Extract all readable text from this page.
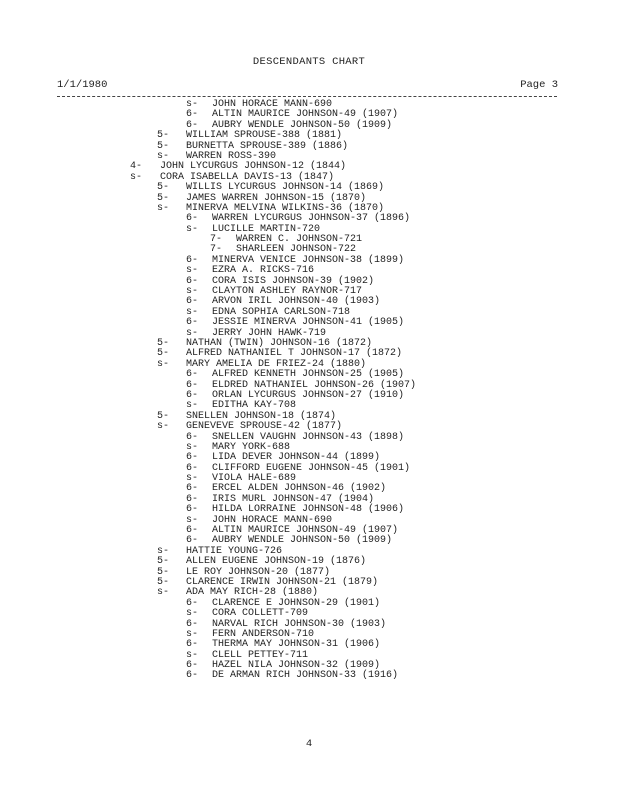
DESCENDANTS CHART
1/1/1980	Page 3
s-	JOHN HORACE MANN-690
6-	ALTIN MAURICE JOHNSON-49 (1907)
6-	AUBRY WENDLE JOHNSON-50 (1909)
5-	WILLIAM SPROUSE-388 (1881)
5-	BURNETTA SPROUSE-389 (1886)
s-	WARREN ROSS-390
4-	JOHN LYCURGUS JOHNSON-12 (1844)
s-	CORA ISABELLA DAVIS-13 (1847)
5-	WILLIS LYCURGUS JOHNSON-14 (1869)
5-	JAMES WARREN JOHNSON-15 (1870)
s-	MINERVA MELVINA WILKINS-36 (1870)
6-	WARREN LYCURGUS JOHNSON-37 (1896)
s-	LUCILLE MARTIN-720
7-	WARREN C. JOHNSON-721
7-	SHARLEEN JOHNSON-722
6-	MINERVA VENICE JOHNSON-38 (1899)
s-	EZRA A. RICKS-716
6-	CORA ISIS JOHNSON-39 (1902)
s-	CLAYTON ASHLEY RAYNOR-717
6-	ARVON IRIL JOHNSON-40 (1903)
s-	EDNA SOPHIA CARLSON-718
6-	JESSIE MINERVA JOHNSON-41 (1905)
s-	JERRY JOHN HAWK-719
5-	NATHAN (TWIN) JOHNSON-16 (1872)
5-	ALFRED NATHANIEL T JOHNSON-17 (1872)
s-	MARY AMELIA DE FRIEZ-24 (1880)
6-	ALFRED KENNETH JOHNSON-25 (1905)
6-	ELDRED NATHANIEL JOHNSON-26 (1907)
6-	ORLAN LYCURGUS JOHNSON-27 (1910)
s-	EDITHA KAY-708
5-	SNELLEN JOHNSON-18 (1874)
s-	GENEVEVE SPROUSE-42 (1877)
6-	SNELLEN VAUGHN JOHNSON-43 (1898)
s-	MARY YORK-688
6-	LIDA DEVER JOHNSON-44 (1899)
6-	CLIFFORD EUGENE JOHNSON-45 (1901)
s-	VIOLA HALE-689
6-	ERCEL ALDEN JOHNSON-46 (1902)
6-	IRIS MURL JOHNSON-47 (1904)
6-	HILDA LORRAINE JOHNSON-48 (1906)
s-	JOHN HORACE MANN-690
6-	ALTIN MAURICE JOHNSON-49 (1907)
6-	AUBRY WENDLE JOHNSON-50 (1909)
s-	HATTIE YOUNG-726
5-	ALLEN EUGENE JOHNSON-19 (1876)
5-	LE ROY JOHNSON-20 (1877)
5-	CLARENCE IRWIN JOHNSON-21 (1879)
s-	ADA MAY RICH-28 (1880)
6-	CLARENCE E JOHNSON-29 (1901)
s-	CORA COLLETT-709
6-	NARVAL RICH JOHNSON-30 (1903)
s-	FERN ANDERSON-710
6-	THERMA MAY JOHNSON-31 (1906)
s-	CLELL PETTEY-711
6-	HAZEL NILA JOHNSON-32 (1909)
6-	DE ARMAN RICH JOHNSON-33 (1916)
4
